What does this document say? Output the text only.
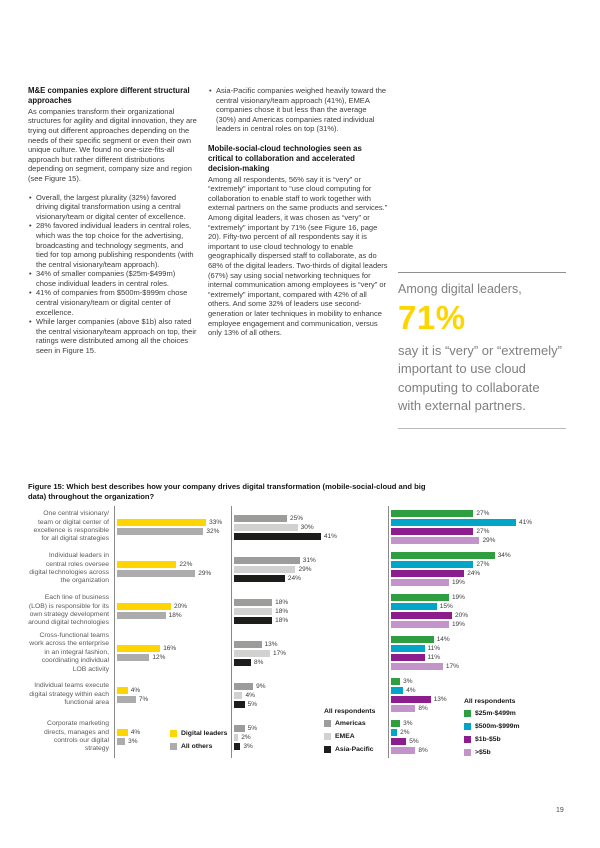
M&E companies explore different structural approaches

As companies transform their organizational structures for agility and digital innovation, they are trying out different approaches depending on the needs of their specific segment or even their own unique culture. We found no one-size-fits-all approach but rather different distributions depending on segment, company size and region (see Figure 15).

• Overall, the largest plurality (32%) favored driving digital transformation using a central visionary/team or digital center of excellence.
• 28% favored individual leaders in central roles, which was the top choice for the advertising, broadcasting and technology segments, and tied for top among publishing respondents (with the central visionary/team approach).
• 34% of smaller companies ($25m-$499m) chose individual leaders in central roles.
• 41% of companies from $500m-$999m chose central visionary/team or digital center of excellence.
• While larger companies (above $1b) also rated the central visionary/team approach on top, their ratings were distributed among all the choices seen in Figure 15.
• Asia-Pacific companies weighed heavily toward the central visionary/team approach (41%), EMEA companies chose it but less than the average (30%) and Americas companies rated individual leaders in central roles on top (31%).
Mobile-social-cloud technologies seen as critical to collaboration and accelerated decision-making

Among all respondents, 56% say it is “very” or “extremely” important to “use cloud computing for collaboration to enable staff to work together with external partners on the same products and services.” Among digital leaders, it was chosen as “very” or “extremely” important by 71% (see Figure 16, page 20). Fifty-two percent of all respondents say it is important to use cloud technology to enable geographically dispersed staff to collaborate, as do 68% of the digital leaders. Two-thirds of digital leaders (67%) say using social networking techniques for internal communication among employees is “very” or “extremely” important, compared with 42% of all others. And some 32% of leaders use second-generation or later techniques in mobility to enhance employee engagement and communication, versus only 13% of all others.

Among digital leaders,

71%

say it is “very” or “extremely” important to use cloud computing to collaborate with external partners.

Figure 15: Which best describes how your company drives digital transformation (mobile-social-cloud and big data) throughout the organization?
One central visionary/ team or digital center of excellence is responsible for all digital strategies
33%
32%
25%
30%
41%
27%
41%
27%
29%
Individual leaders in central roles oversee digital technologies across the organization
22%
29%
31%
29%
24%
34%
27%
24%
19%
Each line of business (LOB) is responsible for its own strategy development around digital technologies
20%
18%
18%
18%
18%
19%
15%
20%
19%
Cross-functional teams work across the enterprise in an integral fashion, coordinating individual LOB activity
16%
12%
13%
17%
8%
14%
11%
11%
17%
Individual teams execute digital strategy within each functional area
4%
7%
9%
4%
5%
3%
4%
13%
8%
Corporate marketing directs, manages and controls our digital strategy
4%
3%
5%
2%
3%
3%
2%
5%
8%
Digital leaders
All others
All respondents
Americas
EMEA
Asia-Pacific
All respondents
$25m-$499m
$500m-$999m
$1b-$5b
>$5b
19
